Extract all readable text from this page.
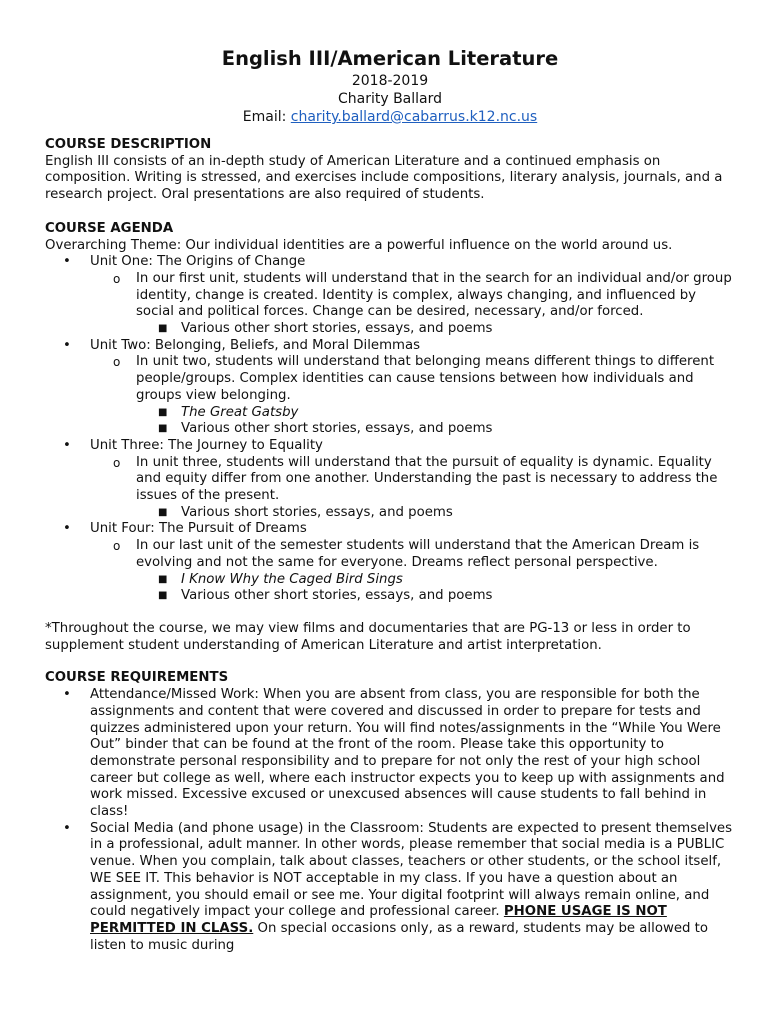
English III/American Literature
2018-2019
Charity Ballard
Email: charity.ballard@cabarrus.k12.nc.us
COURSE DESCRIPTION

English III consists of an in-depth study of American Literature and a continued emphasis on composition. Writing is stressed, and exercises include compositions, literary analysis, journals, and a research project. Oral presentations are also required of students.

COURSE AGENDA

Overarching Theme: Our individual identities are a powerful influence on the world around us.

• Unit One: The Origins of Change
o In our first unit, students will understand that in the search for an individual and/or group identity, change is created. Identity is complex, always changing, and influenced by social and political forces. Change can be desired, necessary, and/or forced.
■ Various other short stories, essays, and poems
• Unit Two: Belonging, Beliefs, and Moral Dilemmas
o In unit two, students will understand that belonging means different things to different people/groups. Complex identities can cause tensions between how individuals and groups view belonging.
■ The Great Gatsby
■ Various other short stories, essays, and poems
• Unit Three: The Journey to Equality
o In unit three, students will understand that the pursuit of equality is dynamic. Equality and equity differ from one another. Understanding the past is necessary to address the issues of the present.
■ Various short stories, essays, and poems
• Unit Four: The Pursuit of Dreams
o In our last unit of the semester students will understand that the American Dream is evolving and not the same for everyone. Dreams reflect personal perspective.
■ I Know Why the Caged Bird Sings
■ Various other short stories, essays, and poems

*Throughout the course, we may view films and documentaries that are PG-13 or less in order to supplement student understanding of American Literature and artist interpretation.

COURSE REQUIREMENTS
• Attendance/Missed Work: When you are absent from class, you are responsible for both the assignments and content that were covered and discussed in order to prepare for tests and quizzes administered upon your return. You will find notes/assignments in the “While You Were Out” binder that can be found at the front of the room. Please take this opportunity to demonstrate personal responsibility and to prepare for not only the rest of your high school career but college as well, where each instructor expects you to keep up with assignments and work missed. Excessive excused or unexcused absences will cause students to fall behind in class!
• Social Media (and phone usage) in the Classroom: Students are expected to present themselves in a professional, adult manner. In other words, please remember that social media is a PUBLIC venue. When you complain, talk about classes, teachers or other students, or the school itself, WE SEE IT. This behavior is NOT acceptable in my class. If you have a question about an assignment, you should email or see me. Your digital footprint will always remain online, and could negatively impact your college and professional career. PHONE USAGE IS NOT PERMITTED IN CLASS. On special occasions only, as a reward, students may be allowed to listen to music during
